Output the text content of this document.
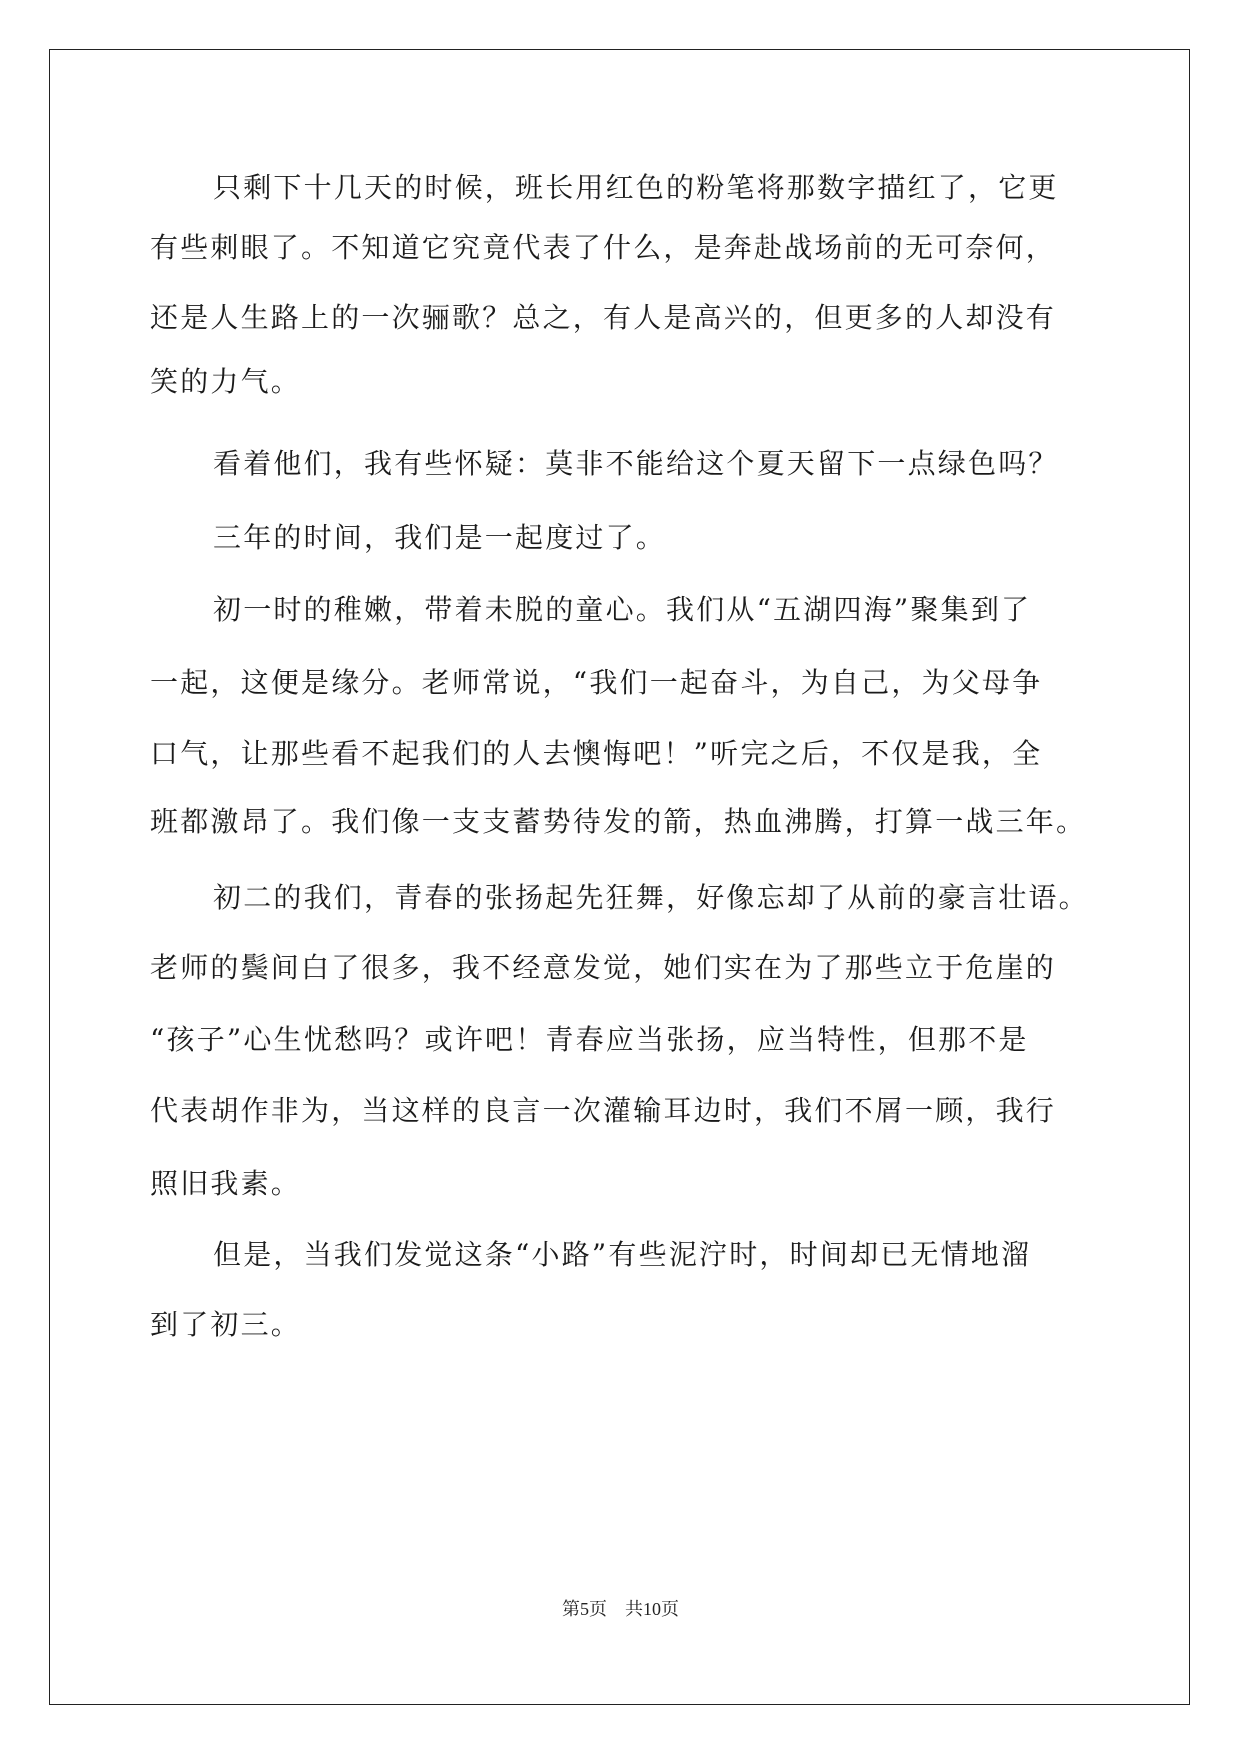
只剩下十几天的时候，班长用红色的粉笔将那数字描红了，它更
有些刺眼了。不知道它究竟代表了什么，是奔赴战场前的无可奈何，
还是人生路上的一次骊歌？总之，有人是高兴的，但更多的人却没有
笑的力气。
看着他们，我有些怀疑：莫非不能给这个夏天留下一点绿色吗？
三年的时间，我们是一起度过了。
初一时的稚嫩，带着未脱的童心。我们从“五湖四海”聚集到了
一起，这便是缘分。老师常说，“我们一起奋斗，为自己，为父母争
口气，让那些看不起我们的人去懊悔吧！”听完之后，不仅是我，全
班都激昂了。我们像一支支蓄势待发的箭，热血沸腾，打算一战三年。
初二的我们，青春的张扬起先狂舞，好像忘却了从前的豪言壮语。
老师的鬓间白了很多，我不经意发觉，她们实在为了那些立于危崖的
“孩子”心生忧愁吗？或许吧！青春应当张扬，应当特性，但那不是
代表胡作非为，当这样的良言一次灌输耳边时，我们不屑一顾，我行
照旧我素。
但是，当我们发觉这条“小路”有些泥泞时，时间却已无情地溜
到了初三。
第5页 共10页
